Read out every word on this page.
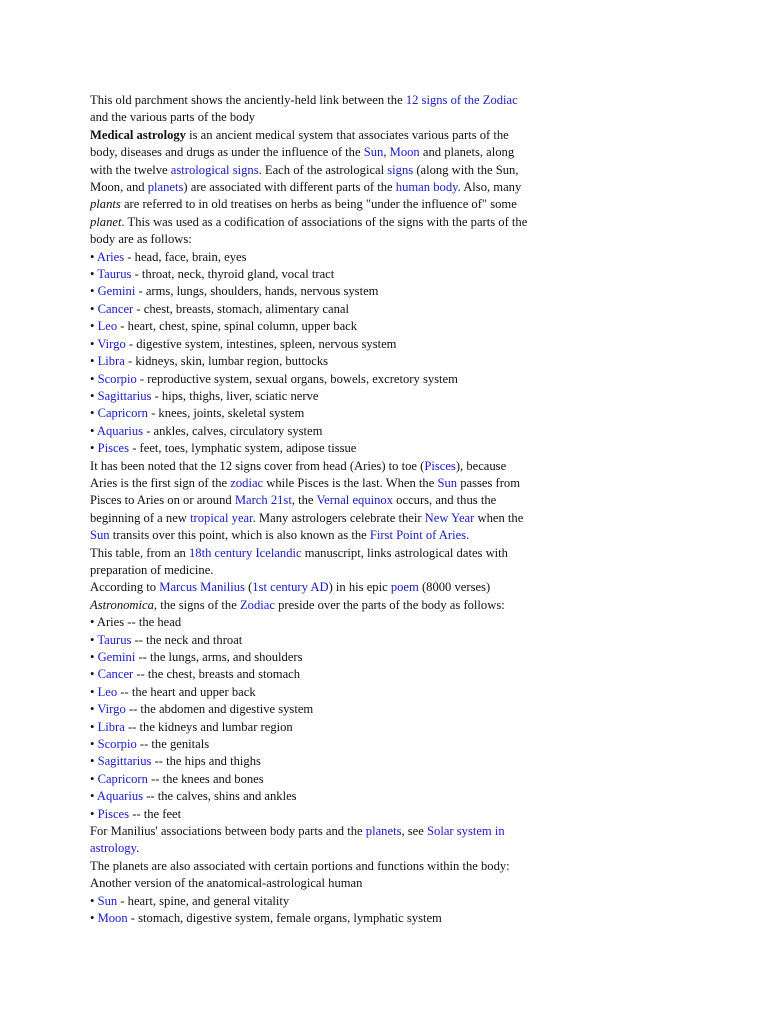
This old parchment shows the anciently-held link between the 12 signs of the Zodiac
and the various parts of the body
Medical astrology is an ancient medical system that associates various parts of the
body, diseases and drugs as under the influence of the Sun, Moon and planets, along
with the twelve astrological signs. Each of the astrological signs (along with the Sun,
Moon, and planets) are associated with different parts of the human body. Also, many
plants are referred to in old treatises on herbs as being "under the influence of" some
planet. This was used as a codification of associations of the signs with the parts of the
body are as follows:
• Aries - head, face, brain, eyes
• Taurus - throat, neck, thyroid gland, vocal tract
• Gemini - arms, lungs, shoulders, hands, nervous system
• Cancer - chest, breasts, stomach, alimentary canal
• Leo - heart, chest, spine, spinal column, upper back
• Virgo - digestive system, intestines, spleen, nervous system
• Libra - kidneys, skin, lumbar region, buttocks
• Scorpio - reproductive system, sexual organs, bowels, excretory system
• Sagittarius - hips, thighs, liver, sciatic nerve
• Capricorn - knees, joints, skeletal system
• Aquarius - ankles, calves, circulatory system
• Pisces - feet, toes, lymphatic system, adipose tissue
It has been noted that the 12 signs cover from head (Aries) to toe (Pisces), because
Aries is the first sign of the zodiac while Pisces is the last. When the Sun passes from
Pisces to Aries on or around March 21st, the Vernal equinox occurs, and thus the
beginning of a new tropical year. Many astrologers celebrate their New Year when the
Sun transits over this point, which is also known as the First Point of Aries.
This table, from an 18th century Icelandic manuscript, links astrological dates with
preparation of medicine.
According to Marcus Manilius (1st century AD) in his epic poem (8000 verses)
Astronomica, the signs of the Zodiac preside over the parts of the body as follows:
• Aries -- the head
• Taurus -- the neck and throat
• Gemini -- the lungs, arms, and shoulders
• Cancer -- the chest, breasts and stomach
• Leo -- the heart and upper back
• Virgo -- the abdomen and digestive system
• Libra -- the kidneys and lumbar region
• Scorpio -- the genitals
• Sagittarius -- the hips and thighs
• Capricorn -- the knees and bones
• Aquarius -- the calves, shins and ankles
• Pisces -- the feet
For Manilius' associations between body parts and the planets, see Solar system in
astrology.
The planets are also associated with certain portions and functions within the body:
Another version of the anatomical-astrological human
• Sun - heart, spine, and general vitality
• Moon - stomach, digestive system, female organs, lymphatic system
